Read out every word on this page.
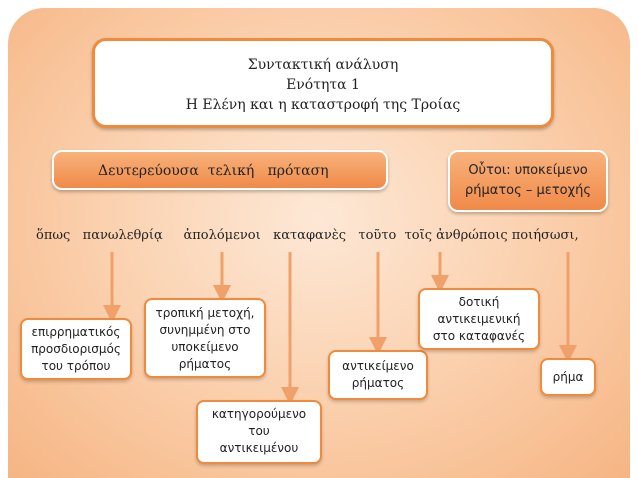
Συντακτική ανάλυση
Ενότητα 1
Η Ελένη και η καταστροφή της Τροίας
Δευτερεύουσα  τελική   πρόταση	Οὗτοι: υποκείμενο
ρήματος – μετοχής
ὅπως   πανωλεθρίᾳ     ἀπολόμενοι   καταφανὲς   τοῦτο  τοῖς ἀνθρώποις ποιήσωσι,
επιρρηματικός
προσδιορισμός
του τρόπου
τροπική μετοχή,
συνημμένη στο
υποκείμενο
ρήματος
κατηγορούμενο
του
αντικειμένου
αντικείμενο
ρήματος
δοτική
αντικειμενική
στο καταφανές
ρήμα
